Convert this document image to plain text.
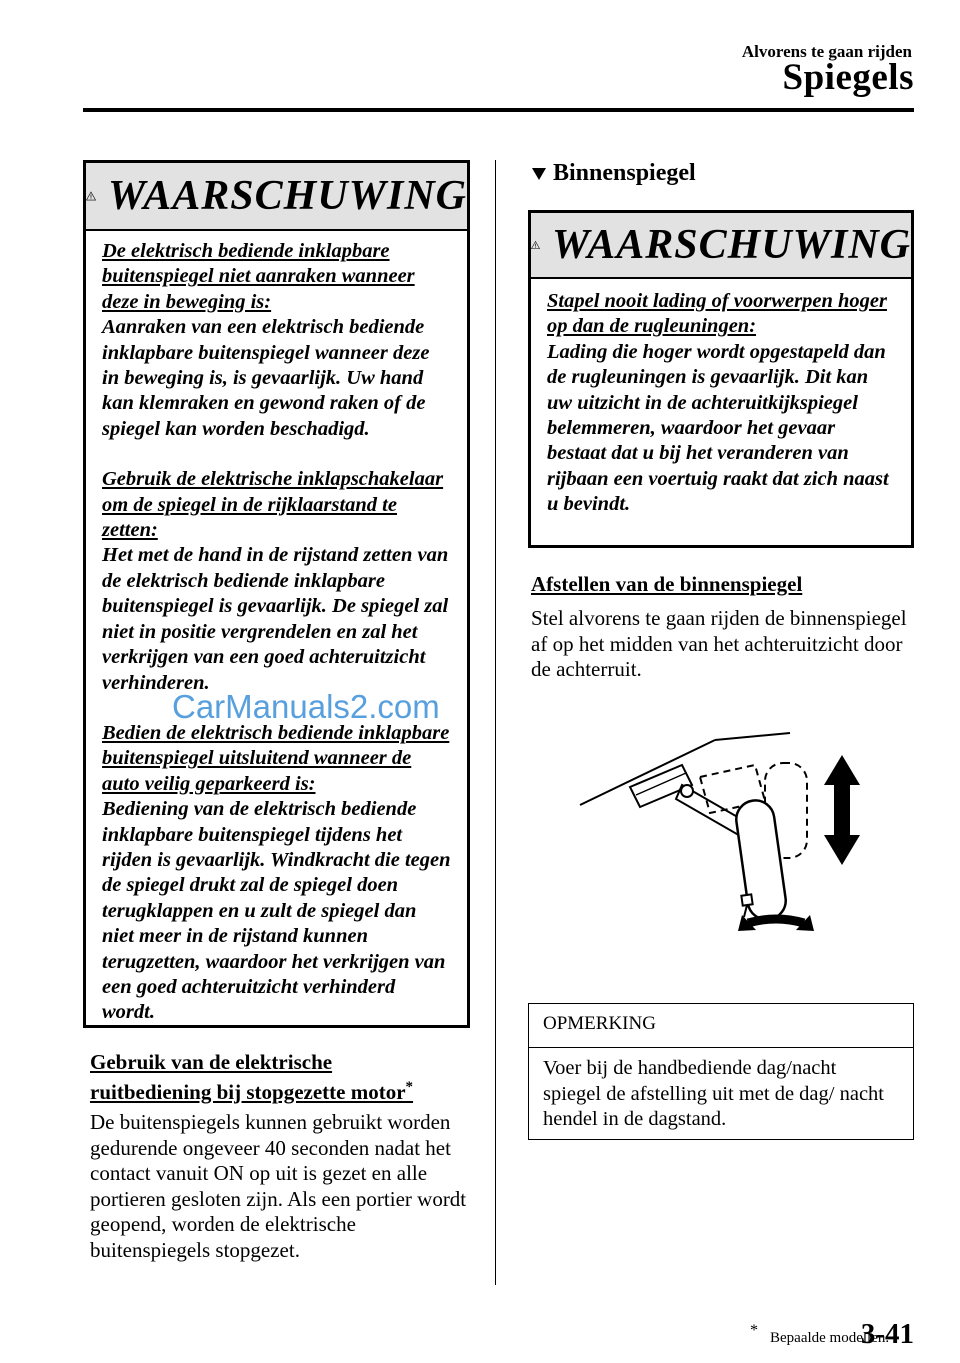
Alvorens te gaan rijden
Spiegels
WAARSCHUWING

De elektrisch bediende inklapbare buitenspiegel niet aanraken wanneer deze in beweging is:
Aanraken van een elektrisch bediende inklapbare buitenspiegel wanneer deze in beweging is, is gevaarlijk. Uw hand kan klemraken en gewond raken of de spiegel kan worden beschadigd.

Gebruik de elektrische inklapschakelaar om de spiegel in de rijklaarstand te zetten:
Het met de hand in de rijstand zetten van de elektrisch bediende inklapbare buitenspiegel is gevaarlijk. De spiegel zal niet in positie vergrendelen en zal het verkrijgen van een goed achteruitzicht verhinderen.

Bedien de elektrisch bediende inklapbare buitenspiegel uitsluitend wanneer de auto veilig geparkeerd is:
Bediening van de elektrisch bediende inklapbare buitenspiegel tijdens het rijden is gevaarlijk. Windkracht die tegen de spiegel drukt zal de spiegel doen terugklappen en u zult de spiegel dan niet meer in de rijstand kunnen terugzetten, waardoor het verkrijgen van een goed achteruitzicht verhinderd wordt.

CarManuals2.com
Gebruik van de elektrische
ruitbediening bij stopgezette motor*
De buitenspiegels kunnen gebruikt worden gedurende ongeveer 40 seconden nadat het contact vanuit ON op uit is gezet en alle portieren gesloten zijn. Als een portier wordt geopend, worden de elektrische buitenspiegels stopgezet.
Binnenspiegel
WAARSCHUWING

Stapel nooit lading of voorwerpen hoger op dan de rugleuningen:
Lading die hoger wordt opgestapeld dan de rugleuningen is gevaarlijk. Dit kan uw uitzicht in de achteruitkijkspiegel belemmeren, waardoor het gevaar bestaat dat u bij het veranderen van rijbaan een voertuig raakt dat zich naast u bevindt.

Afstellen van de binnenspiegel
Stel alvorens te gaan rijden de binnenspiegel af op het midden van het achteruitzicht door de achterruit.
OPMERKING
Voer bij de handbediende dag/nacht spiegel de afstelling uit met de dag/ nacht hendel in de dagstand.
* Bepaalde modellen.
3-41
